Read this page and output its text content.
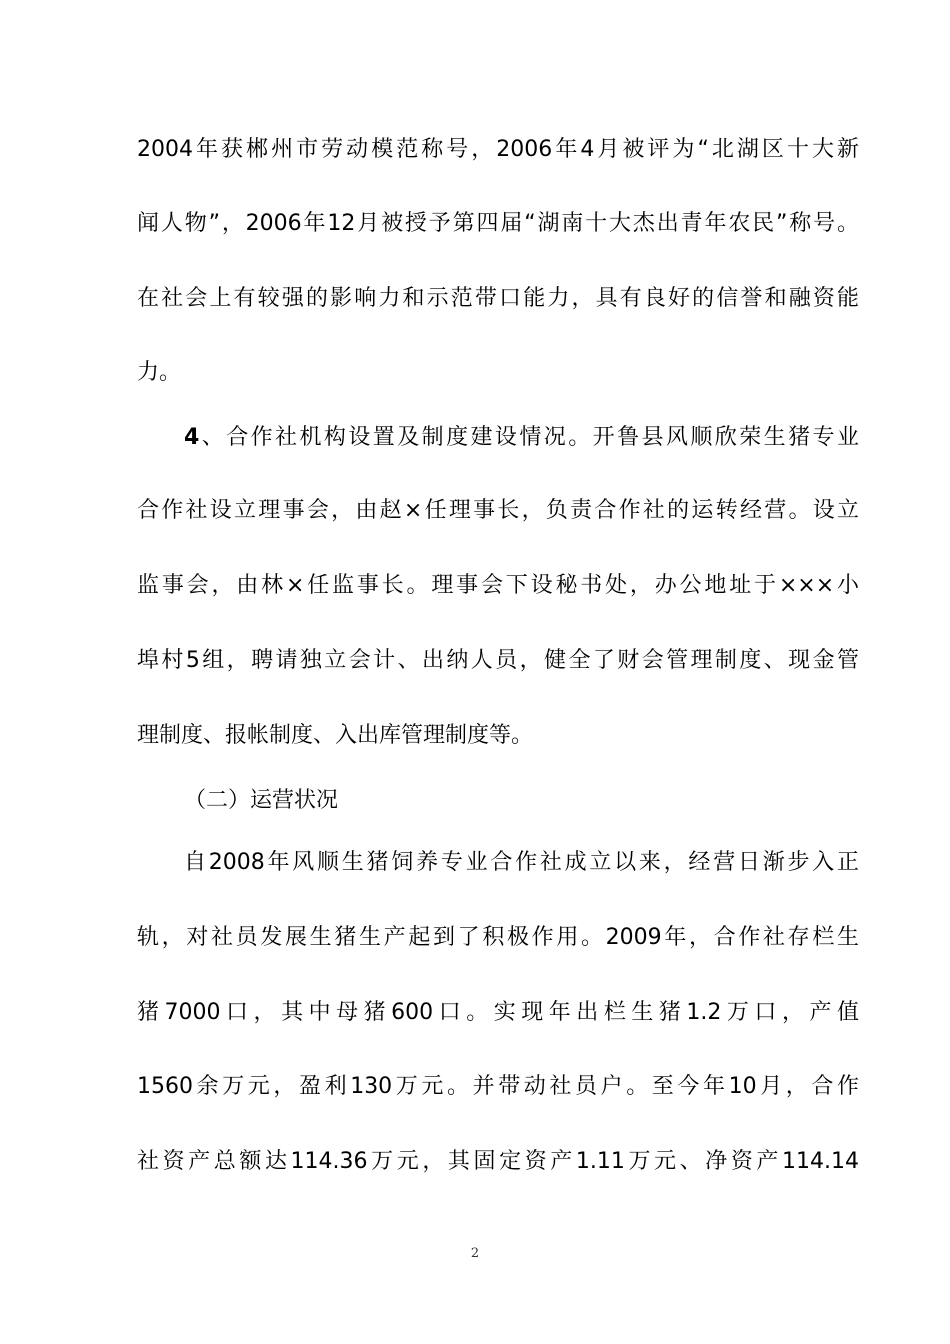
2004年获郴州市劳动模范称号，2006年4月被评为“北湖区十大新
闻人物”，2006年12月被授予第四届“湖南十大杰出青年农民”称号。
在社会上有较强的影响力和示范带口能力，具有良好的信誉和融资能
力。
4、合作社机构设置及制度建设情况。开鲁县风顺欣荣生猪专业
合作社设立理事会，由赵×任理事长，负责合作社的运转经营。设立
监事会，由林×任监事长。理事会下设秘书处，办公地址于×××小
埠村5组，聘请独立会计、出纳人员，健全了财会管理制度、现金管
理制度、报帐制度、入出库管理制度等。
（二）运营状况
自2008年风顺生猪饲养专业合作社成立以来，经营日渐步入正
轨，对社员发展生猪生产起到了积极作用。2009年，合作社存栏生
猪7000口，其中母猪600口。实现年出栏生猪1.2万口，产值
1560余万元，盈利130万元。并带动社员户。至今年10月，合作
社资产总额达114.36万元，其固定资产1.11万元、净资产114.14
2
